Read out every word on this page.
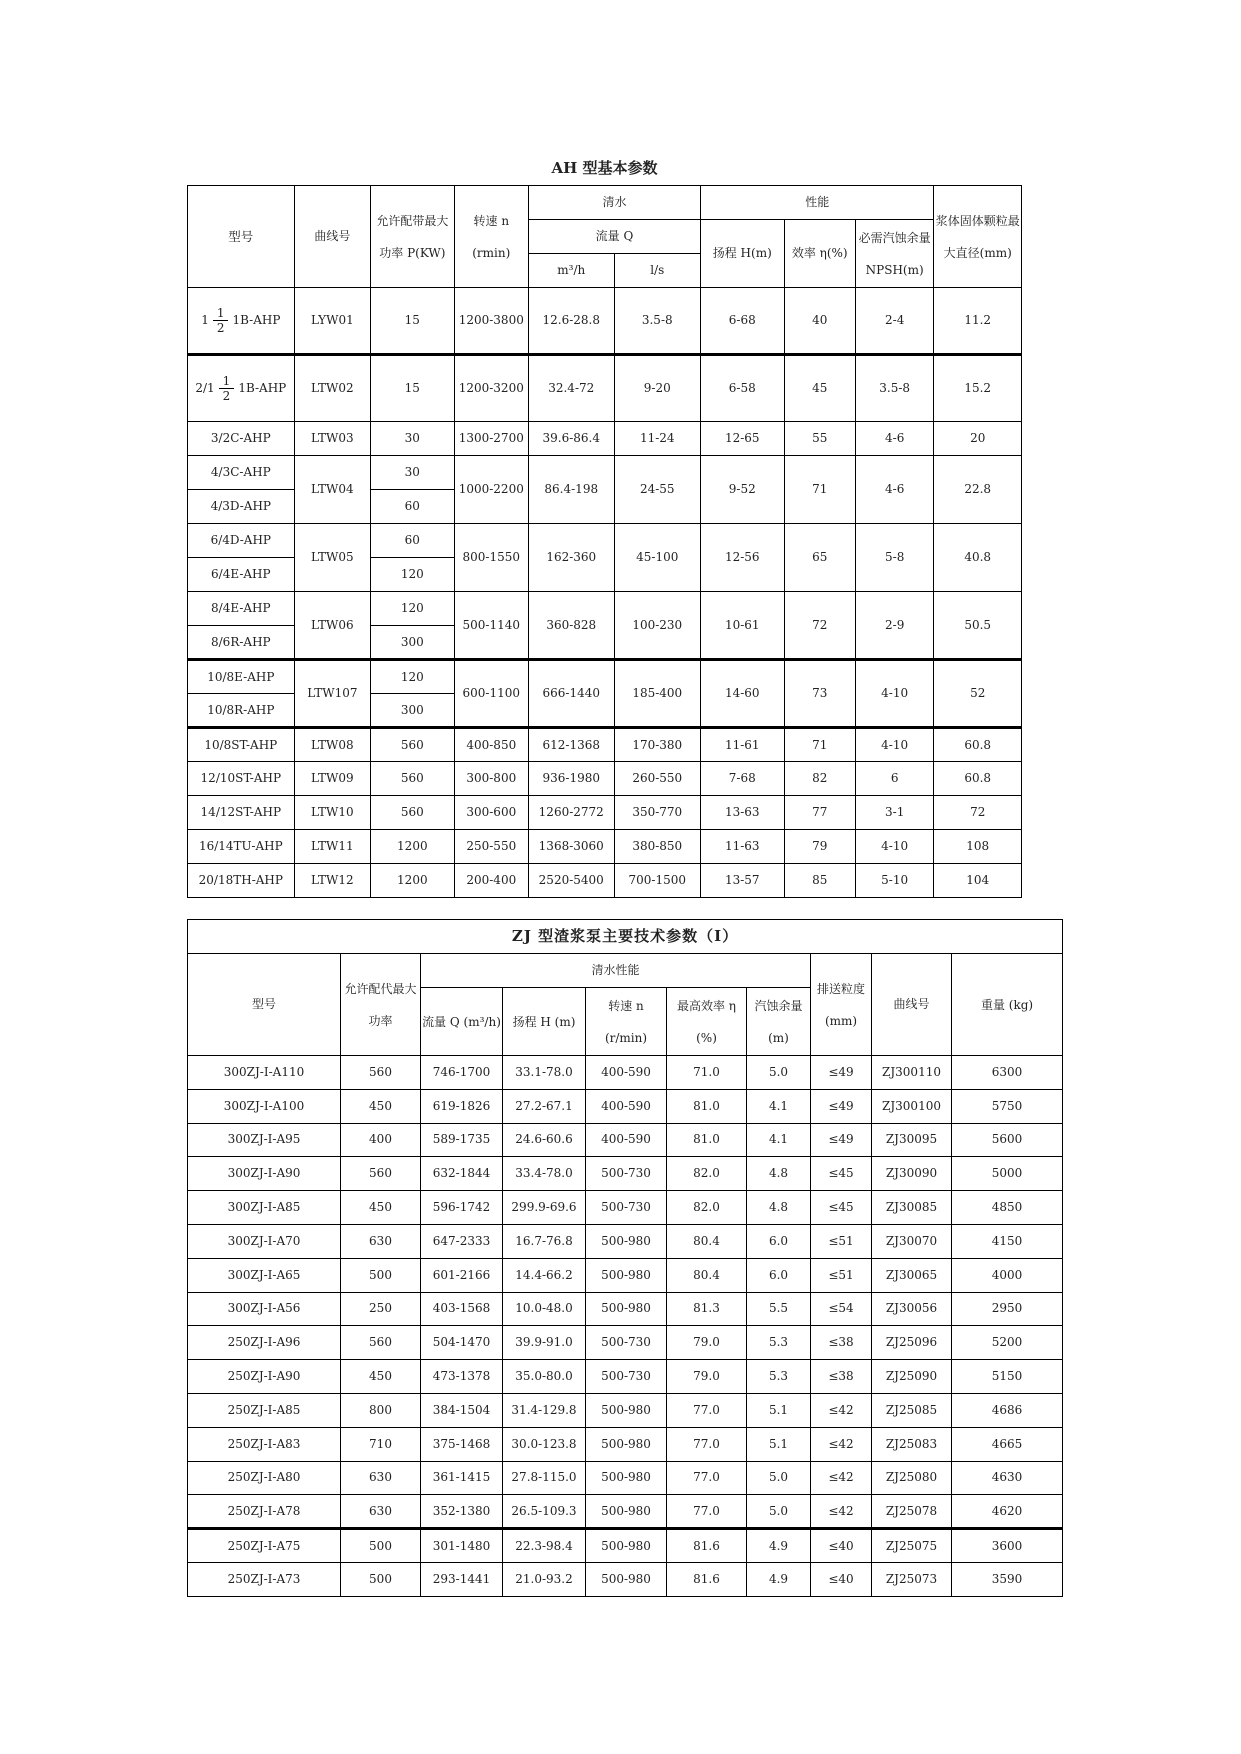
AH 型基本参数
型号	曲线号	允许配带最大功率 P(KW)	转速 n (rmin)	清水		性能			浆体固体颗粒最大直径(mm)
				流量 Q		扬程 H(m)	效率 η(%)	必需汽蚀余量 NPSH(m)	
				m³/h	l/s				

1 1
2
1B-AHP	LYW01	15	1200-3800	12.6-28.8	3.5-8	6-68	40	2-4	11.2

2/1 1
2
1B-AHP	LTW02	15	1200-3200	32.4-72	9-20	6-58	45	3.5-8	15.2
3/2C-AHP	LTW03	30	1300-2700	39.6-86.4	11-24	12-65	55	4-6	20
4/3C-AHP	LTW04	30	1000-2200	86.4-198	24-55	9-52	71	4-6	22.8
4/3D-AHP		60							
6/4D-AHP	LTW05	60	800-1550	162-360	45-100	12-56	65	5-8	40.8
6/4E-AHP		120							
8/4E-AHP	LTW06	120	500-1140	360-828	100-230	10-61	72	2-9	50.5
8/6R-AHP		300							
10/8E-AHP	LTW107	120	600-1100	666-1440	185-400	14-60	73	4-10	52
10/8R-AHP		300							
10/8ST-AHP	LTW08	560	400-850	612-1368	170-380	11-61	71	4-10	60.8
12/10ST-AHP	LTW09	560	300-800	936-1980	260-550	7-68	82	6	60.8
14/12ST-AHP	LTW10	560	300-600	1260-2772	350-770	13-63	77	3-1	72
16/14TU-AHP	LTW11	1200	250-550	1368-3060	380-850	11-63	79	4-10	108
20/18TH-AHP	LTW12	1200	200-400	2520-5400	700-1500	13-57	85	5-10	104
ZJ 型渣浆泵主要技术参数（Ⅰ）									
型号	允许配代最大功率	清水性能					排送粒度 (mm)	曲线号	重量 (kg)
		流量 Q (m³/h)	扬程 H (m)	转速 n (r/min)	最高效率 η (%)	汽蚀余量 (m)			

300ZJ-I-A110	560	746-1700	33.1-78.0	400-590	71.0	5.0	≤49	ZJ300110	6300
300ZJ-I-A100	450	619-1826	27.2-67.1	400-590	81.0	4.1	≤49	ZJ300100	5750
300ZJ-I-A95	400	589-1735	24.6-60.6	400-590	81.0	4.1	≤49	ZJ30095	5600
300ZJ-I-A90	560	632-1844	33.4-78.0	500-730	82.0	4.8	≤45	ZJ30090	5000
300ZJ-I-A85	450	596-1742	299.9-69.6	500-730	82.0	4.8	≤45	ZJ30085	4850
300ZJ-I-A70	630	647-2333	16.7-76.8	500-980	80.4	6.0	≤51	ZJ30070	4150
300ZJ-I-A65	500	601-2166	14.4-66.2	500-980	80.4	6.0	≤51	ZJ30065	4000
300ZJ-I-A56	250	403-1568	10.0-48.0	500-980	81.3	5.5	≤54	ZJ30056	2950
250ZJ-I-A96	560	504-1470	39.9-91.0	500-730	79.0	5.3	≤38	ZJ25096	5200
250ZJ-I-A90	450	473-1378	35.0-80.0	500-730	79.0	5.3	≤38	ZJ25090	5150
250ZJ-I-A85	800	384-1504	31.4-129.8	500-980	77.0	5.1	≤42	ZJ25085	4686
250ZJ-I-A83	710	375-1468	30.0-123.8	500-980	77.0	5.1	≤42	ZJ25083	4665
250ZJ-I-A80	630	361-1415	27.8-115.0	500-980	77.0	5.0	≤42	ZJ25080	4630
250ZJ-I-A78	630	352-1380	26.5-109.3	500-980	77.0	5.0	≤42	ZJ25078	4620
250ZJ-I-A75	500	301-1480	22.3-98.4	500-980	81.6	4.9	≤40	ZJ25075	3600
250ZJ-I-A73	500	293-1441	21.0-93.2	500-980	81.6	4.9	≤40	ZJ25073	3590
